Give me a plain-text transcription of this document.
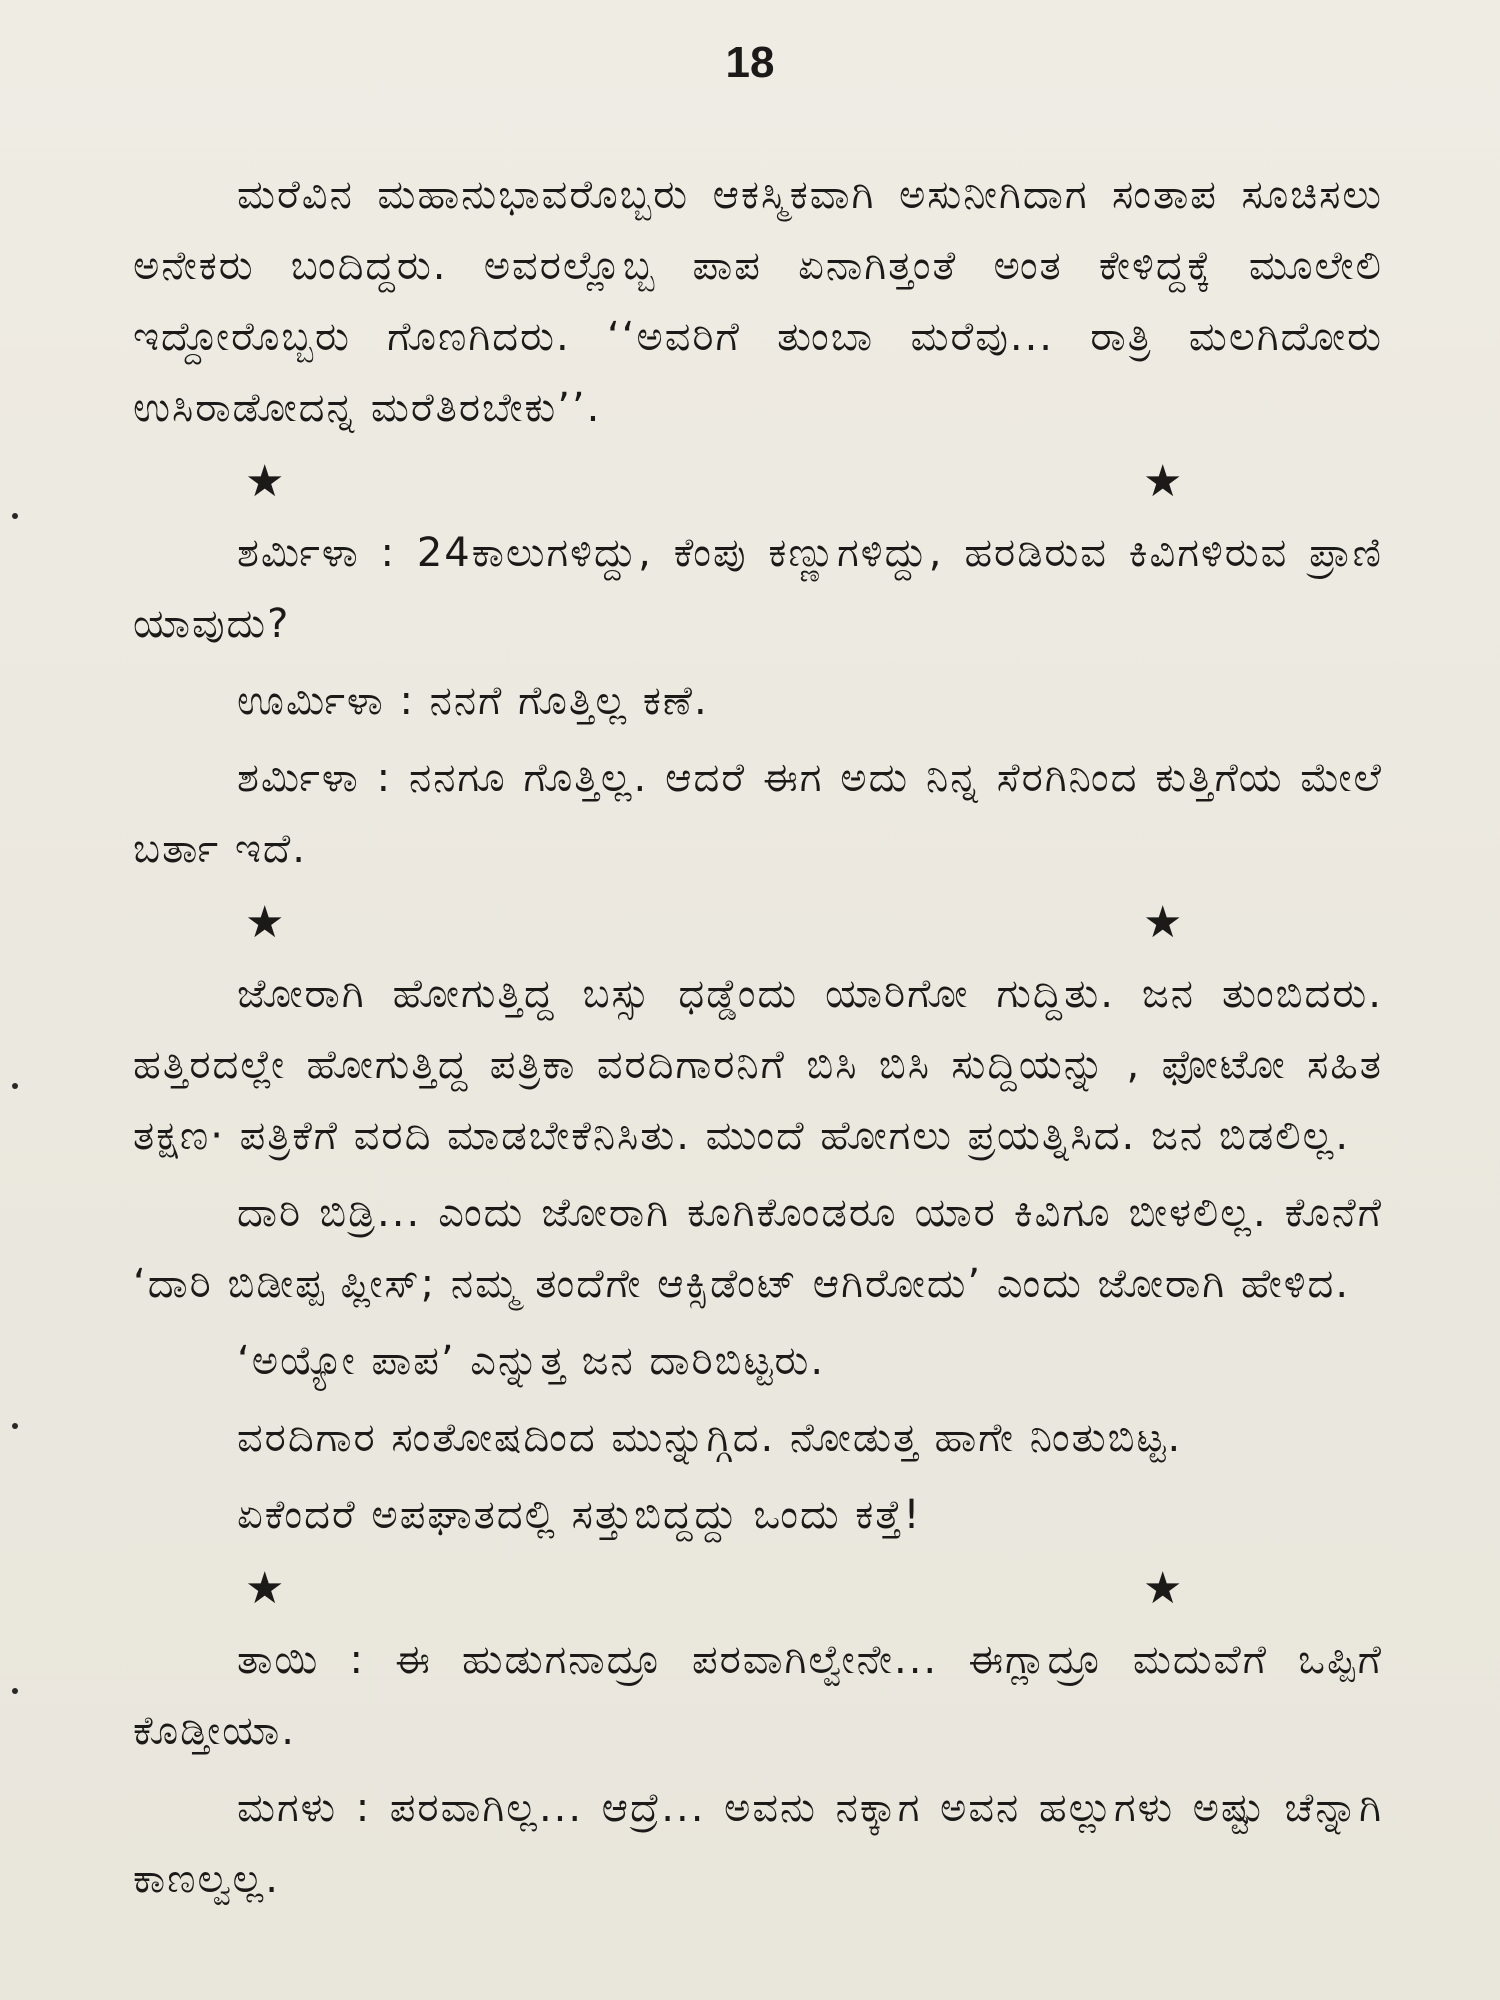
18

ಮರೆವಿನ ಮಹಾನುಭಾವರೊಬ್ಬರು ಆಕಸ್ಮಿಕವಾಗಿ ಅಸುನೀಗಿದಾಗ ಸಂತಾಪ ಸೂಚಿಸಲು ಅನೇಕರು ಬಂದಿದ್ದರು. ಅವರಲ್ಲೊಬ್ಬ ಪಾಪ ಏನಾಗಿತ್ತಂತೆ ಅಂತ ಕೇಳಿದ್ದಕ್ಕೆ ಮೂಲೇಲಿ ಇದ್ದೋರೊಬ್ಬರು ಗೊಣಗಿದರು. ‘‘ಅವರಿಗೆ ತುಂಬಾ ಮರೆವು... ರಾತ್ರಿ ಮಲಗಿದೋರು ಉಸಿರಾಡೋದನ್ನ ಮರೆತಿರಬೇಕು’’.

★	★

ಶರ್ಮಿಳಾ : 24ಕಾಲುಗಳಿದ್ದು, ಕೆಂಪು ಕಣ್ಣುಗಳಿದ್ದು, ಹರಡಿರುವ ಕಿವಿಗಳಿರುವ ಪ್ರಾಣಿ ಯಾವುದು?

ಊರ್ಮಿಳಾ : ನನಗೆ ಗೊತ್ತಿಲ್ಲ ಕಣೆ.

ಶರ್ಮಿಳಾ : ನನಗೂ ಗೊತ್ತಿಲ್ಲ. ಆದರೆ ಈಗ ಅದು ನಿನ್ನ ಸೆರಗಿನಿಂದ ಕುತ್ತಿಗೆಯ ಮೇಲೆ ಬರ್ತಾ ಇದೆ.

★	★

ಜೋರಾಗಿ ಹೋಗುತ್ತಿದ್ದ ಬಸ್ಸು ಧಡ್ಡೆಂದು ಯಾರಿಗೋ ಗುದ್ದಿತು. ಜನ ತುಂಬಿದರು. ಹತ್ತಿರದಲ್ಲೇ ಹೋಗುತ್ತಿದ್ದ ಪತ್ರಿಕಾ ವರದಿಗಾರನಿಗೆ ಬಿಸಿ ಬಿಸಿ ಸುದ್ದಿಯನ್ನು , ಫೋಟೋ ಸಹಿತ ತಕ್ಷಣ· ಪತ್ರಿಕೆಗೆ ವರದಿ ಮಾಡಬೇಕೆನಿಸಿತು. ಮುಂದೆ ಹೋಗಲು ಪ್ರಯತ್ನಿಸಿದ. ಜನ ಬಿಡಲಿಲ್ಲ.

ದಾರಿ ಬಿಡ್ರಿ... ಎಂದು ಜೋರಾಗಿ ಕೂಗಿಕೊಂಡರೂ ಯಾರ ಕಿವಿಗೂ ಬೀಳಲಿಲ್ಲ. ಕೊನೆಗೆ ‘ದಾರಿ ಬಿಡೀಪ್ಪ ಪ್ಲೀಸ್; ನಮ್ಮ ತಂದೆಗೇ ಆಕ್ಸಿಡೆಂಟ್ ಆಗಿರೋದು’ ಎಂದು ಜೋರಾಗಿ ಹೇಳಿದ.

‘ಅಯ್ಯೋ ಪಾಪ’ ಎನ್ನುತ್ತ ಜನ ದಾರಿಬಿಟ್ಟರು.

ವರದಿಗಾರ ಸಂತೋಷದಿಂದ ಮುನ್ನುಗ್ಗಿದ. ನೋಡುತ್ತ ಹಾಗೇ ನಿಂತುಬಿಟ್ಟ.

ಏಕೆಂದರೆ ಅಪಘಾತದಲ್ಲಿ ಸತ್ತುಬಿದ್ದದ್ದು ಒಂದು ಕತ್ತೆ!

★	★

ತಾಯಿ : ಈ ಹುಡುಗನಾದ್ರೂ ಪರವಾಗಿಲ್ವೇನೇ... ಈಗ್ಲಾದ್ರೂ ಮದುವೆಗೆ ಒಪ್ಪಿಗೆ ಕೊಡ್ತೀಯಾ.

ಮಗಳು : ಪರವಾಗಿಲ್ಲ... ಆದ್ರೆ... ಅವನು ನಕ್ಕಾಗ ಅವನ ಹಲ್ಲುಗಳು ಅಷ್ಟು ಚೆನ್ನಾಗಿ ಕಾಣಲ್ವಲ್ಲ.
